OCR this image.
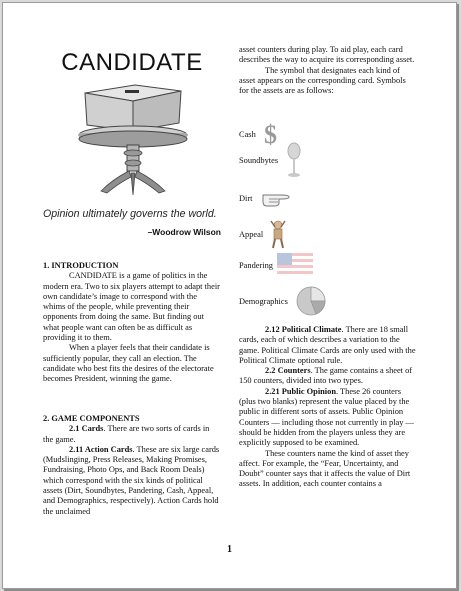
CANDIDATE
Opinion ultimately governs the world.
–Woodrow Wilson

1. INTRODUCTION

CANDIDATE is a game of politics in the modern era. Two to six players attempt to adapt their own candidate’s image to correspond with the whims of the people, while preventing their opponents from doing the same. But finding out what people want can often be as difficult as providing it to them.

When a player feels that their candidate is sufficiently popular, they call an election. The candidate who best fits the desires of the electorate becomes President, winning the game.

2. GAME COMPONENTS

2.1 Cards. There are two sorts of cards in the game.

2.11 Action Cards. These are six large cards (Mudslinging, Press Releases, Making Promises, Fundraising, Photo Ops, and Back Room Deals) which correspond with the six kinds of political assets (Dirt, Soundbytes, Pandering, Cash, Appeal, and Demographics, respectively). Action Cards hold the unclaimed

asset counters during play. To aid play, each card describes the way to acquire its corresponding asset.

The symbol that designates each kind of asset appears on the corresponding card. Symbols for the assets are as follows:

Cash $
Soundbytes
Dirt
Appeal
Pandering
Demographics

2.12 Political Climate. There are 18 small cards, each of which describes a variation to the game. Political Climate Cards are only used with the Political Climate optional rule.

2.2 Counters. The game contains a sheet of 150 counters, divided into two types.

2.21 Public Opinion. These 26 counters (plus two blanks) represent the value placed by the public in different sorts of assets. Public Opinion Counters — including those not currently in play — should be hidden from the players unless they are explicitly supposed to be examined.

These counters name the kind of asset they affect. For example, the “Fear, Uncertainty, and Doubt” counter says that it affects the value of Dirt assets. In addition, each counter contains a

1
